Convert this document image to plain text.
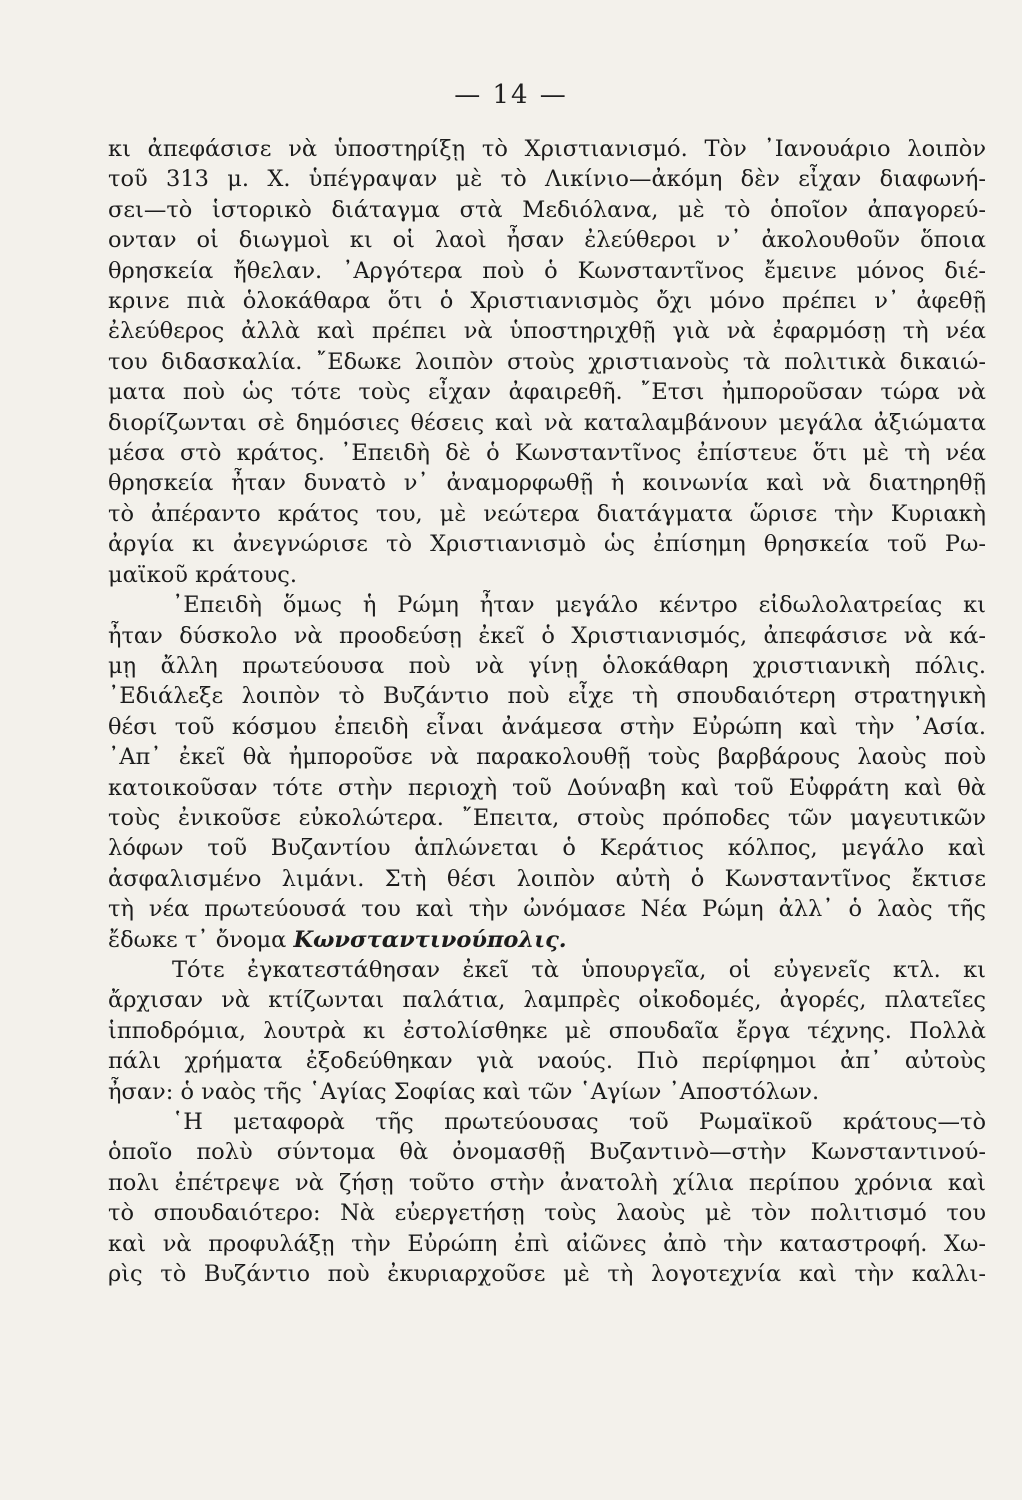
— 14 —
κι ἀπεφάσισε νὰ ὑποστηρίξῃ τὸ Χριστιανισμό. Τὸν ᾿Ιανουάριο λοιπὸν
τοῦ 313 μ. Χ. ὑπέγραψαν μὲ τὸ Λικίνιο—ἀκόμη δὲν εἶχαν διαφωνή-
σει—τὸ ἱστορικὸ διάταγμα στὰ Μεδιόλανα, μὲ τὸ ὁποῖον ἀπαγορεύ-
ονταν οἱ διωγμοὶ κι οἱ λαοὶ ἦσαν ἐλεύθεροι ν᾿ ἀκολουθοῦν ὅποια
θρησκεία ἤθελαν. ᾿Αργότερα ποὺ ὁ Κωνσταντῖνος ἔμεινε μόνος διέ-
κρινε πιὰ ὁλοκάθαρα ὅτι ὁ Χριστιανισμὸς ὄχι μόνο πρέπει ν᾿ ἀφεθῇ
ἐλεύθερος ἀλλὰ καὶ πρέπει νὰ ὑποστηριχθῇ γιὰ νὰ ἐφαρμόσῃ τὴ νέα
του διδασκαλία. ῎Εδωκε λοιπὸν στοὺς χριστιανοὺς τὰ πολιτικὰ δικαιώ-
ματα ποὺ ὡς τότε τοὺς εἶχαν ἀφαιρεθῆ. ῎Ετσι ἠμποροῦσαν τώρα νὰ
διορίζωνται σὲ δημόσιες θέσεις καὶ νὰ καταλαμβάνουν μεγάλα ἀξιώματα
μέσα στὸ κράτος. ᾿Επειδὴ δὲ ὁ Κωνσταντῖνος ἐπίστευε ὅτι μὲ τὴ νέα
θρησκεία ἦταν δυνατὸ ν᾿ ἀναμορφωθῇ ἡ κοινωνία καὶ νὰ διατηρηθῇ
τὸ ἀπέραντο κράτος του, μὲ νεώτερα διατάγματα ὥρισε τὴν Κυριακὴ
ἀργία κι ἀνεγνώρισε τὸ Χριστιανισμὸ ὡς ἐπίσημη θρησκεία τοῦ Ρω-
μαϊκοῦ κράτους.
᾿Επειδὴ ὅμως ἡ Ρώμη ἦταν μεγάλο κέντρο εἰδωλολατρείας κι
ἦταν δύσκολο νὰ προοδεύσῃ ἐκεῖ ὁ Χριστιανισμός, ἀπεφάσισε νὰ κά-
μῃ ἄλλη πρωτεύουσα ποὺ νὰ γίνῃ ὁλοκάθαρη χριστιανικὴ πόλις.
᾿Εδιάλεξε λοιπὸν τὸ Βυζάντιο ποὺ εἶχε τὴ σπουδαιότερη στρατηγικὴ
θέσι τοῦ κόσμου ἐπειδὴ εἶναι ἀνάμεσα στὴν Εὐρώπη καὶ τὴν ᾿Ασία.
᾿Απ᾿ ἐκεῖ θὰ ἠμποροῦσε νὰ παρακολουθῇ τοὺς βαρβάρους λαοὺς ποὺ
κατοικοῦσαν τότε στὴν περιοχὴ τοῦ Δούναβη καὶ τοῦ Εὐφράτη καὶ θὰ
τοὺς ἐνικοῦσε εὐκολώτερα. ῎Επειτα, στοὺς πρόποδες τῶν μαγευτικῶν
λόφων τοῦ Βυζαντίου ἁπλώνεται ὁ Κεράτιος κόλπος, μεγάλο καὶ
ἀσφαλισμένο λιμάνι. Στὴ θέσι λοιπὸν αὐτὴ ὁ Κωνσταντῖνος ἔκτισε
τὴ νέα πρωτεύουσά του καὶ τὴν ὠνόμασε Νέα Ρώμη ἀλλ᾿ ὁ λαὸς τῆς
ἔδωκε τ᾿ ὄνομα Κωνσταντινούπολις.
Τότε ἐγκατεστάθησαν ἐκεῖ τὰ ὑπουργεῖα, οἱ εὐγενεῖς κτλ. κι
ἄρχισαν νὰ κτίζωνται παλάτια, λαμπρὲς οἰκοδομές, ἀγορές, πλατεῖες
ἱπποδρόμια, λουτρὰ κι ἐστολίσθηκε μὲ σπουδαῖα ἔργα τέχνης. Πολλὰ
πάλι χρήματα ἐξοδεύθηκαν γιὰ ναούς. Πιὸ περίφημοι ἀπ᾿ αὐτοὺς
ἦσαν: ὁ ναὸς τῆς ῾Αγίας Σοφίας καὶ τῶν ῾Αγίων ᾿Αποστόλων.
῾Η μεταφορὰ τῆς πρωτεύουσας τοῦ Ρωμαϊκοῦ κράτους—τὸ
ὁποῖο πολὺ σύντομα θὰ ὀνομασθῇ Βυζαντινὸ—στὴν Κωνσταντινού-
πολι ἐπέτρεψε νὰ ζήσῃ τοῦτο στὴν ἀνατολὴ χίλια περίπου χρόνια καὶ
τὸ σπουδαιότερο: Νὰ εὐεργετήσῃ τοὺς λαοὺς μὲ τὸν πολιτισμό του
καὶ νὰ προφυλάξῃ τὴν Εὐρώπη ἐπὶ αἰῶνες ἀπὸ τὴν καταστροφή. Χω-
ρὶς τὸ Βυζάντιο ποὺ ἐκυριαρχοῦσε μὲ τὴ λογοτεχνία καὶ τὴν καλλι-
